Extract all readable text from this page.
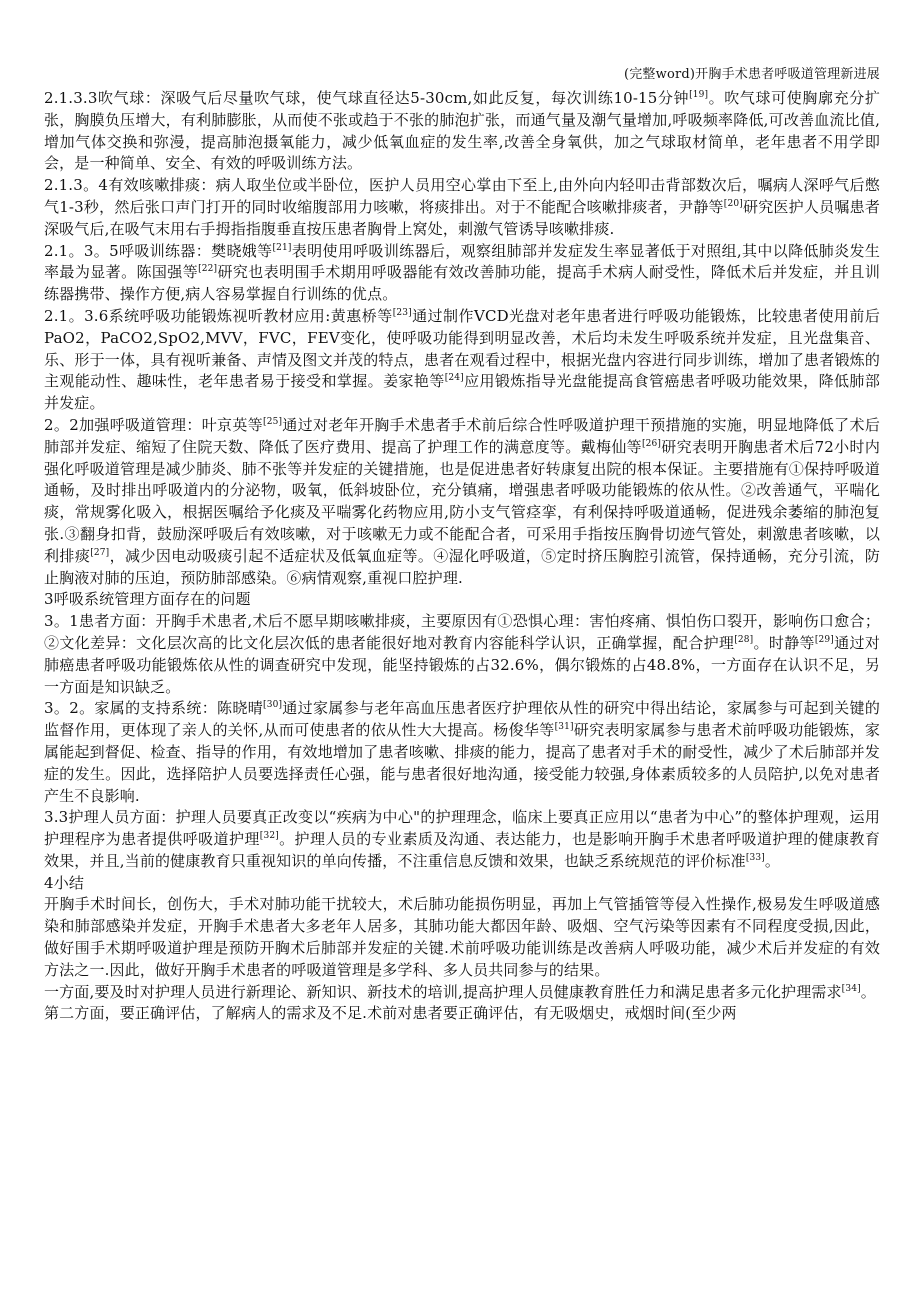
(完整word)开胸手术患者呼吸道管理新进展

2.1.3.3吹气球：深吸气后尽量吹气球，使气球直径达5-30cm,如此反复，每次训练10-15分钟[19]。吹气球可使胸廓充分扩张，胸膜负压增大，有利肺膨胀，从而使不张或趋于不张的肺泡扩张，而通气量及潮气量增加,呼吸频率降低,可改善血流比值,增加气体交换和弥漫，提高肺泡摄氧能力，减少低氧血症的发生率,改善全身氧供，加之气球取材简单，老年患者不用学即会，是一种简单、安全、有效的呼吸训练方法。

2.1.3。4有效咳嗽排痰：病人取坐位或半卧位，医护人员用空心掌由下至上,由外向内轻叩击背部数次后，嘱病人深呼气后憋气1-3秒，然后张口声门打开的同时收缩腹部用力咳嗽，将痰排出。对于不能配合咳嗽排痰者，尹静等[20]研究医护人员嘱患者深吸气后,在吸气末用右手拇指指腹垂直按压患者胸骨上窝处，刺激气管诱导咳嗽排痰.

2.1。3。5呼吸训练器：樊晓娥等[21]表明使用呼吸训练器后，观察组肺部并发症发生率显著低于对照组,其中以降低肺炎发生率最为显著。陈国强等[22]研究也表明围手术期用呼吸器能有效改善肺功能，提高手术病人耐受性，降低术后并发症，并且训练器携带、操作方便,病人容易掌握自行训练的优点。

2.1。3.6系统呼吸功能锻炼视听教材应用:黄惠桥等[23]通过制作VCD光盘对老年患者进行呼吸功能锻炼，比较患者使用前后PaO2，PaCO2,SpO2,MVV，FVC，FEV变化，使呼吸功能得到明显改善，术后均未发生呼吸系统并发症，且光盘集音、乐、形于一体，具有视听兼备、声情及图文并茂的特点，患者在观看过程中，根据光盘内容进行同步训练，增加了患者锻炼的主观能动性、趣味性，老年患者易于接受和掌握。姜家艳等[24]应用锻炼指导光盘能提高食管癌患者呼吸功能效果，降低肺部并发症。

2。2加强呼吸道管理：叶京英等[25]通过对老年开胸手术患者手术前后综合性呼吸道护理干预措施的实施，明显地降低了术后肺部并发症、缩短了住院天数、降低了医疗费用、提高了护理工作的满意度等。戴梅仙等[26]研究表明开胸患者术后72小时内强化呼吸道管理是减少肺炎、肺不张等并发症的关键措施，也是促进患者好转康复出院的根本保证。主要措施有①保持呼吸道通畅，及时排出呼吸道内的分泌物，吸氧，低斜坡卧位，充分镇痛，增强患者呼吸功能锻炼的依从性。②改善通气，平喘化痰，常规雾化吸入，根据医嘱给予化痰及平喘雾化药物应用,防小支气管痉挛，有利保持呼吸道通畅，促进残余萎缩的肺泡复张.③翻身扣背，鼓励深呼吸后有效咳嗽，对于咳嗽无力或不能配合者，可采用手指按压胸骨切迹气管处，刺激患者咳嗽，以利排痰[27]，减少因电动吸痰引起不适症状及低氧血症等。④湿化呼吸道，⑤定时挤压胸腔引流管，保持通畅，充分引流，防止胸液对肺的压迫，预防肺部感染。⑥病情观察,重视口腔护理.

3呼吸系统管理方面存在的问题

3。1患者方面：开胸手术患者,术后不愿早期咳嗽排痰，主要原因有①恐惧心理：害怕疼痛、惧怕伤口裂开，影响伤口愈合；②文化差异：文化层次高的比文化层次低的患者能很好地对教育内容能科学认识，正确掌握，配合护理[28]。时静等[29]通过对肺癌患者呼吸功能锻炼依从性的调查研究中发现，能坚持锻炼的占32.6%，偶尔锻炼的占48.8%，一方面存在认识不足，另一方面是知识缺乏。

3。2。家属的支持系统：陈晓晴[30]通过家属参与老年高血压患者医疗护理依从性的研究中得出结论，家属参与可起到关键的监督作用，更体现了亲人的关怀,从而可使患者的依从性大大提高。杨俊华等[31]研究表明家属参与患者术前呼吸功能锻炼，家属能起到督促、检查、指导的作用，有效地增加了患者咳嗽、排痰的能力，提高了患者对手术的耐受性，减少了术后肺部并发症的发生。因此，选择陪护人员要选择责任心强，能与患者很好地沟通，接受能力较强,身体素质较多的人员陪护,以免对患者产生不良影响.

3.3护理人员方面：护理人员要真正改变以“疾病为中心"的护理理念，临床上要真正应用以“患者为中心”的整体护理观，运用护理程序为患者提供呼吸道护理[32]。护理人员的专业素质及沟通、表达能力，也是影响开胸手术患者呼吸道护理的健康教育效果，并且,当前的健康教育只重视知识的单向传播，不注重信息反馈和效果，也缺乏系统规范的评价标准[33]。

4小结

开胸手术时间长，创伤大，手术对肺功能干扰较大，术后肺功能损伤明显，再加上气管插管等侵入性操作,极易发生呼吸道感染和肺部感染并发症，开胸手术患者大多老年人居多，其肺功能大都因年龄、吸烟、空气污染等因素有不同程度受损,因此，做好围手术期呼吸道护理是预防开胸术后肺部并发症的关键.术前呼吸功能训练是改善病人呼吸功能，减少术后并发症的有效方法之一.因此，做好开胸手术患者的呼吸道管理是多学科、多人员共同参与的结果。

一方面,要及时对护理人员进行新理论、新知识、新技术的培训,提高护理人员健康教育胜任力和满足患者多元化护理需求[34]。

第二方面，要正确评估，了解病人的需求及不足.术前对患者要正确评估，有无吸烟史，戒烟时间(至少两
